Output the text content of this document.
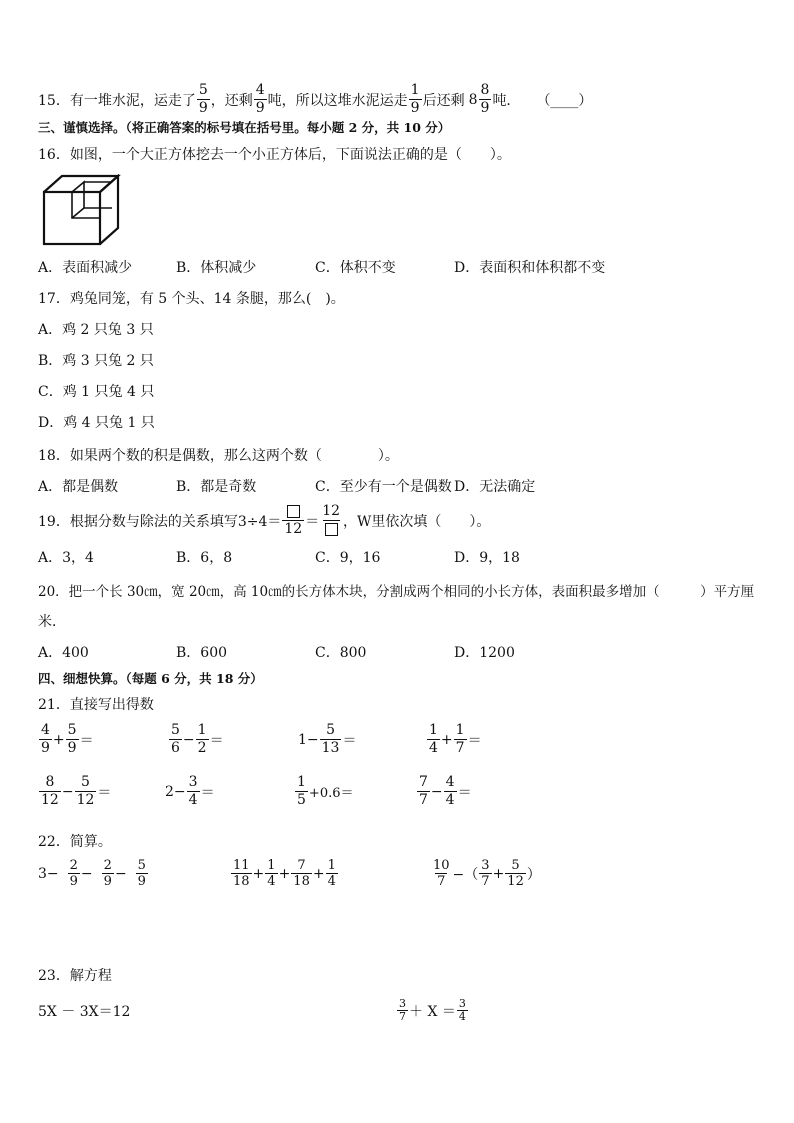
15．有一堆水泥，运走了 $\frac{5}{9}$ ，还剩 $\frac{4}{9}$ 吨，所以这堆水泥运走 $\frac{1}{9}$ 后还剩 $8 \frac{8}{9}$ 吨． （____）
三、谨慎选择。（将正确答案的标号填在括号里。每小题 2 分，共 10 分）
16．如图，一个大正方体挖去一个小正方体后，下面说法正确的是（　　）。
A．表面积减少	B．体积减少	C．体积不变	D．表面积和体积都不变
17．鸡兔同笼，有 5 个头、14 条腿，那么(　)。
A．鸡 2 只兔 3 只
B．鸡 3 只兔 2 只
C．鸡 1 只兔 4 只
D．鸡 4 只兔 1 只
18．如果两个数的积是偶数，那么这两个数（　　　　）。
A．都是偶数	B．都是奇数	C．至少有一个是偶数 D．无法确定
19．根据分数与除法的关系填写 3÷4＝ 12 ＝
12
，W里依次填（　　）。
A．3，4	B．6，8	C．9，16	D．9，18
20．把一个长 30㎝，宽 20㎝，高 10㎝的长方体木块，分割成两个相同的小长方体，表面积最多增加（　　　）平方厘
米．
A．400	B．600	C．800	D．1200
四、细想快算。（每题 6 分，共 18 分）
21．直接写出得数
$\frac{4}{9} + \frac{5}{9}$ ＝	$\frac{5}{6} - \frac{1}{2}$ ＝	$1- \frac{5}{13}$ ＝	$\frac{1}{4} + \frac{1}{7}$ ＝
$\frac{8}{12} - \frac{5}{12}$ ＝	$2- \frac{3}{4}$ ＝	$\frac{1}{5} +0.6=$	$\frac{7}{7} - \frac{4}{4}$ ＝
22．简算。
$3- \frac{2}{9} - \frac{2}{9} - \frac{5}{9}$	$\frac{11}{18} + \frac{1}{4} + \frac{7}{18} + \frac{1}{4}$	$\frac{10}{7}$ −（ $\frac{3}{7} + \frac{5}{12}$ ）
23．解方程
5X － 3X＝12	$\frac{3}{7} + X = \frac{3}{4}$
